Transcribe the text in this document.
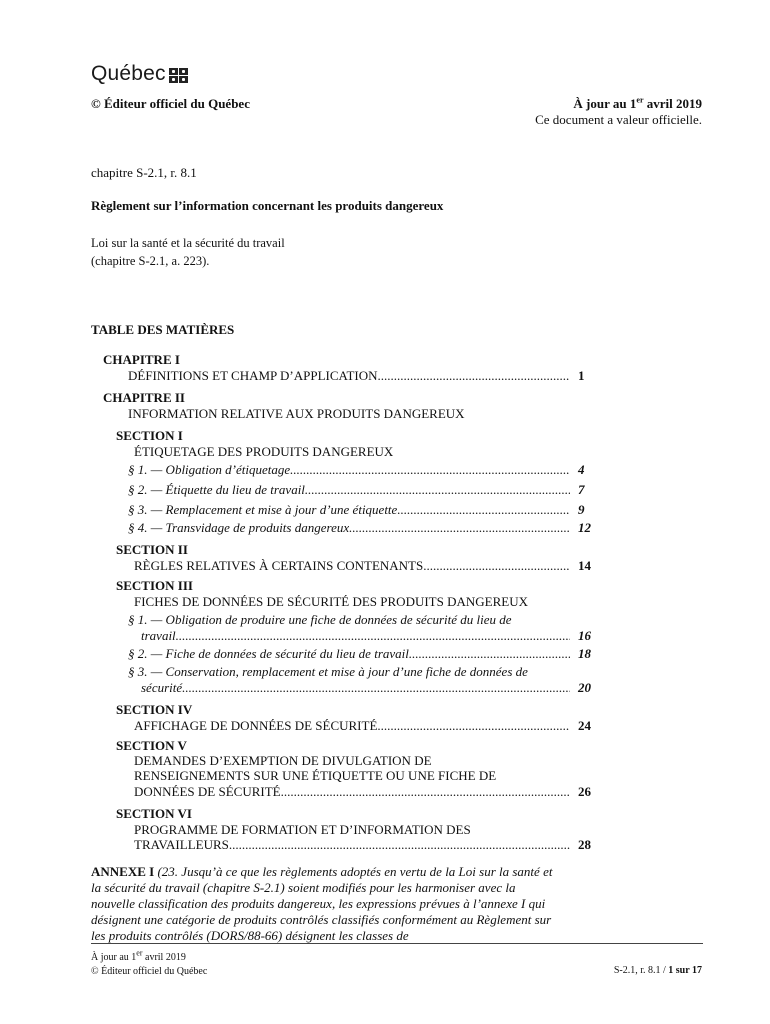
Québec
© Éditeur officiel du Québec	À jour au 1er avril 2019
Ce document a valeur officielle.
chapitre S-2.1, r. 8.1
Règlement sur l’information concernant les produits dangereux
Loi sur la santé et la sécurité du travail
(chapitre S-2.1, a. 223).
TABLE DES MATIÈRES
CHAPITRE I
DÉFINITIONS ET CHAMP D’APPLICATION .....	1
CHAPITRE II
INFORMATION RELATIVE AUX PRODUITS DANGEREUX
SECTION I
ÉTIQUETAGE DES PRODUITS DANGEREUX
§ 1. — Obligation d’étiquetage .....	4
§ 2. — Étiquette du lieu de travail .....	7
§ 3. — Remplacement et mise à jour d’une étiquette .....	9
§ 4. — Transvidage de produits dangereux .....	12
SECTION II
RÈGLES RELATIVES À CERTAINS CONTENANTS .....	14
SECTION III
FICHES DE DONNÉES DE SÉCURITÉ DES PRODUITS DANGEREUX
§ 1. — Obligation de produire une fiche de données de sécurité du lieu de
travail .....	16
§ 2. — Fiche de données de sécurité du lieu de travail .....	18
§ 3. — Conservation, remplacement et mise à jour d’une fiche de données de
sécurité .....	20
SECTION IV
AFFICHAGE DE DONNÉES DE SÉCURITÉ .....	24
SECTION V
DEMANDES D’EXEMPTION DE DIVULGATION DE
RENSEIGNEMENTS SUR UNE ÉTIQUETTE OU UNE FICHE DE
DONNÉES DE SÉCURITÉ .....	26
SECTION VI
PROGRAMME DE FORMATION ET D’INFORMATION DES
TRAVAILLEURS .....	28
ANNEXE I (23. Jusqu’à ce que les règlements adoptés en vertu de la Loi sur la santé et la sécurité du travail (chapitre S-2.1) soient modifiés pour les harmoniser avec la nouvelle classification des produits dangereux, les expressions prévues à l’annexe I qui désignent une catégorie de produits contrôlés classifiés conformément au Règlement sur les produits contrôlés (DORS/88-66) désignent les classes de
À jour au 1er avril 2019
© Éditeur officiel du Québec	S-2.1, r. 8.1 / 1 sur 17
